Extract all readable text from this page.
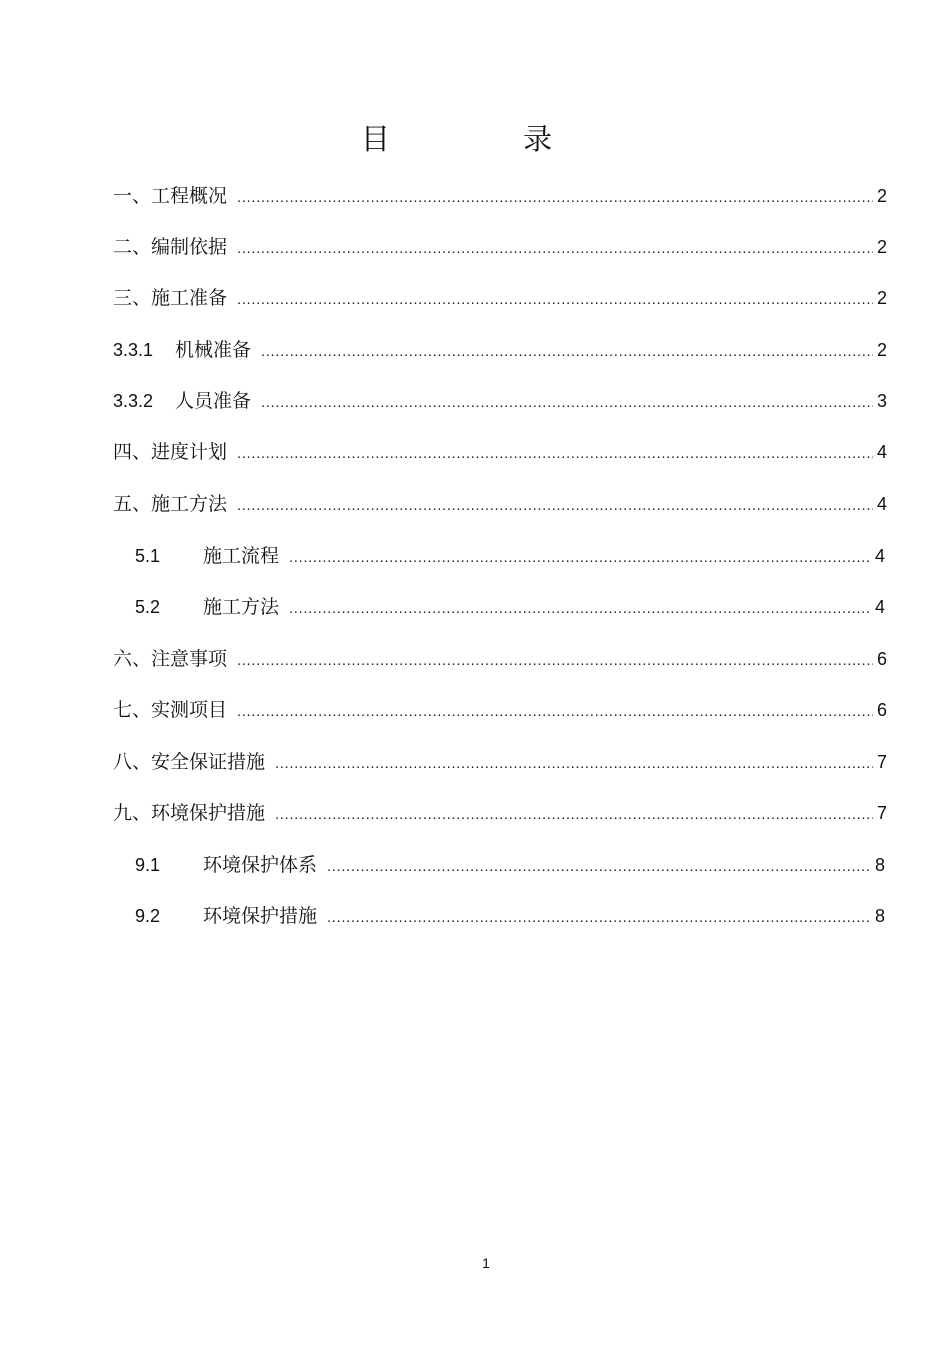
目 录
一、工程概况 .....	2
二、编制依据 .....	2
三、施工准备 .....	2
3.3.1	机械准备 .....	2
3.3.2	人员准备 .....	3
四、进度计划 .....	4
五、施工方法 .....	4
5.1	施工流程 .....	4
5.2	施工方法 .....	4
六、注意事项 .....	6
七、实测项目 .....	6
八、安全保证措施 .....	7
九、环境保护措施 .....	7
9.1	环境保护体系 .....	8
9.2	环境保护措施 .....	8
1
